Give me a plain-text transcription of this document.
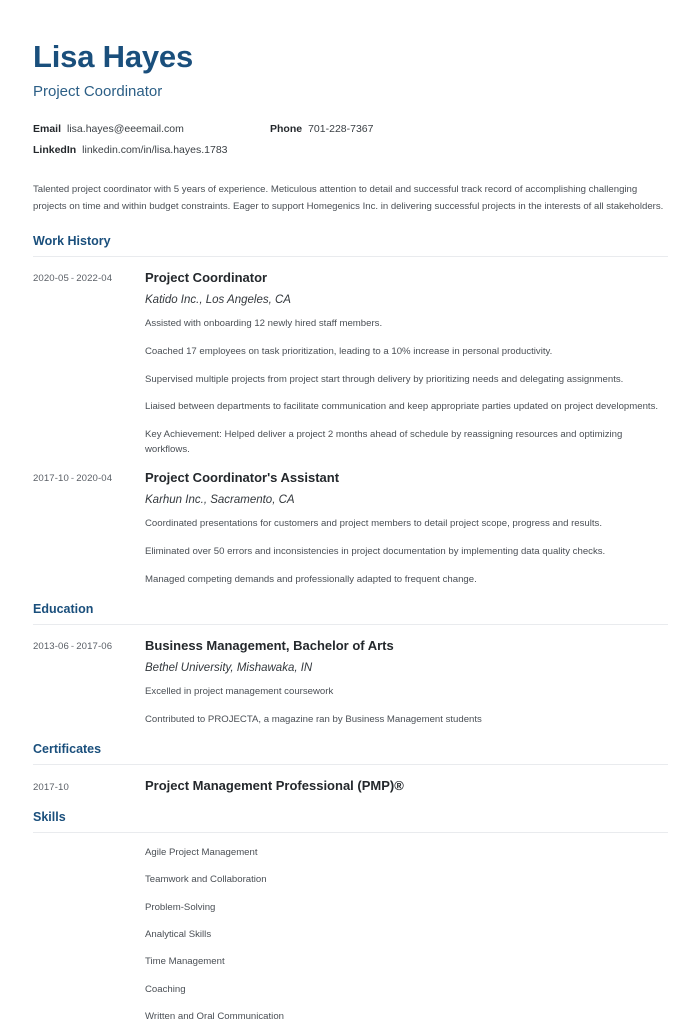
Lisa Hayes
Project Coordinator
Email lisa.hayes@eeemail.com	Phone 701-228-7367
LinkedIn linkedin.com/in/lisa.hayes.1783

Talented project coordinator with 5 years of experience. Meticulous attention to detail and successful track record of accomplishing challenging projects on time and within budget constraints. Eager to support Homegenics Inc. in delivering successful projects in the interests of all stakeholders.

Work History
2020-05 - 2022-04	Project Coordinator
Katido Inc., Los Angeles, CA
Assisted with onboarding 12 newly hired staff members.
Coached 17 employees on task prioritization, leading to a 10% increase in personal productivity.
Supervised multiple projects from project start through delivery by prioritizing needs and delegating assignments.
Liaised between departments to facilitate communication and keep appropriate parties updated on project developments.
Key Achievement: Helped deliver a project 2 months ahead of schedule by reassigning resources and optimizing workflows.
2017-10 - 2020-04	Project Coordinator's Assistant
Karhun Inc., Sacramento, CA
Coordinated presentations for customers and project members to detail project scope, progress and results.
Eliminated over 50 errors and inconsistencies in project documentation by implementing data quality checks.
Managed competing demands and professionally adapted to frequent change.
Education
2013-06 - 2017-06	Business Management, Bachelor of Arts
Bethel University, Mishawaka, IN
Excelled in project management coursework
Contributed to PROJECTA, a magazine ran by Business Management students
Certificates
2017-10	Project Management Professional (PMP)®
Skills
Agile Project Management
Teamwork and Collaboration
Problem-Solving
Analytical Skills
Time Management
Coaching
Written and Oral Communication
